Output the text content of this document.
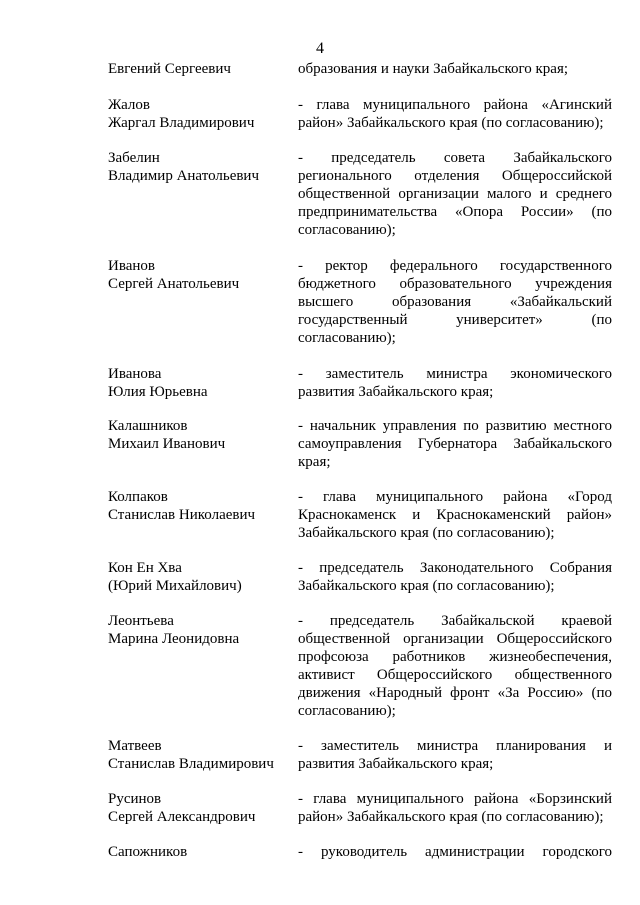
4
Евгений Сергеевич	образования и науки Забайкальского края;
Жалов
Жаргал Владимирович
- глава муниципального района «Агинский район» Забайкальского края (по согласованию);
Забелин
Владимир Анатольевич
- председатель совета Забайкальского регионального отделения Общероссийской общественной организации малого и среднего предпринимательства «Опора России» (по согласованию);
Иванов
Сергей Анатольевич
- ректор федерального государственного бюджетного образовательного учреждения высшего образования «Забайкальский государственный университет» (по согласованию);
Иванова
Юлия Юрьевна
- заместитель министра экономического развития Забайкальского края;
Калашников
Михаил Иванович
- начальник управления по развитию местного самоуправления Губернатора Забайкальского края;
Колпаков
Станислав Николаевич
- глава муниципального района «Город Краснокаменск и Краснокаменский район» Забайкальского края (по согласованию);
Кон Ен Хва
(Юрий Михайлович)
- председатель Законодательного Собрания Забайкальского края (по согласованию);
Леонтьева
Марина Леонидовна
- председатель Забайкальской краевой общественной организации Общероссийского профсоюза работников жизнеобеспечения, активист Общероссийского общественного движения «Народный фронт «За Россию» (по согласованию);
Матвеев
Станислав Владимирович
- заместитель министра планирования и развития Забайкальского края;
Русинов
Сергей Александрович
- глава муниципального района «Борзинский район» Забайкальского края (по согласованию);
Сапожников	- руководитель администрации городского
